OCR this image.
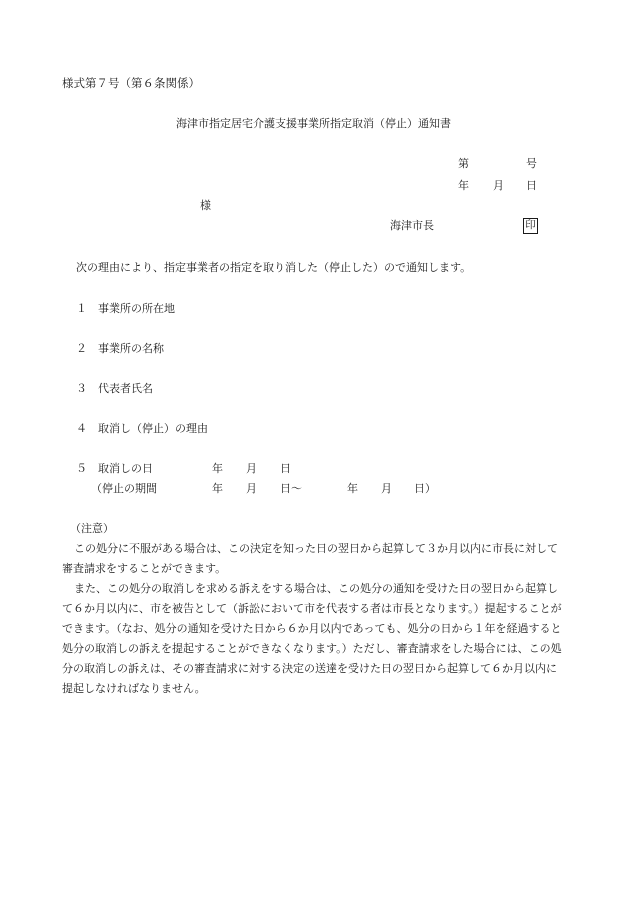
様式第７号（第６条関係）
海津市指定居宅介護支援事業所指定取消（停止）通知書
第	号
年 月 日
様
海津市長	印
次の理由により、指定事業者の指定を取り消した（停止した）ので通知します。
１ 事業所の所在地
２ 事業所の名称
３ 代表者氏名
４ 取消し（停止）の理由
５ 取消しの日	年 月 日
（停止の期間	年 月 日〜	年 月 日）
（注意）
この処分に不服がある場合は、この決定を知った日の翌日から起算して３か月以内に市長に対して審査請求をすることができます。
また、この処分の取消しを求める訴えをする場合は、この処分の通知を受けた日の翌日から起算して６か月以内に、市を被告として（訴訟において市を代表する者は市長となります。）提起することができます。（なお、処分の通知を受けた日から６か月以内であっても、処分の日から１年を経過すると処分の取消しの訴えを提起することができなくなります。）ただし、審査請求をした場合には、この処分の取消しの訴えは、その審査請求に対する決定の送達を受けた日の翌日から起算して６か月以内に提起しなければなりません。
